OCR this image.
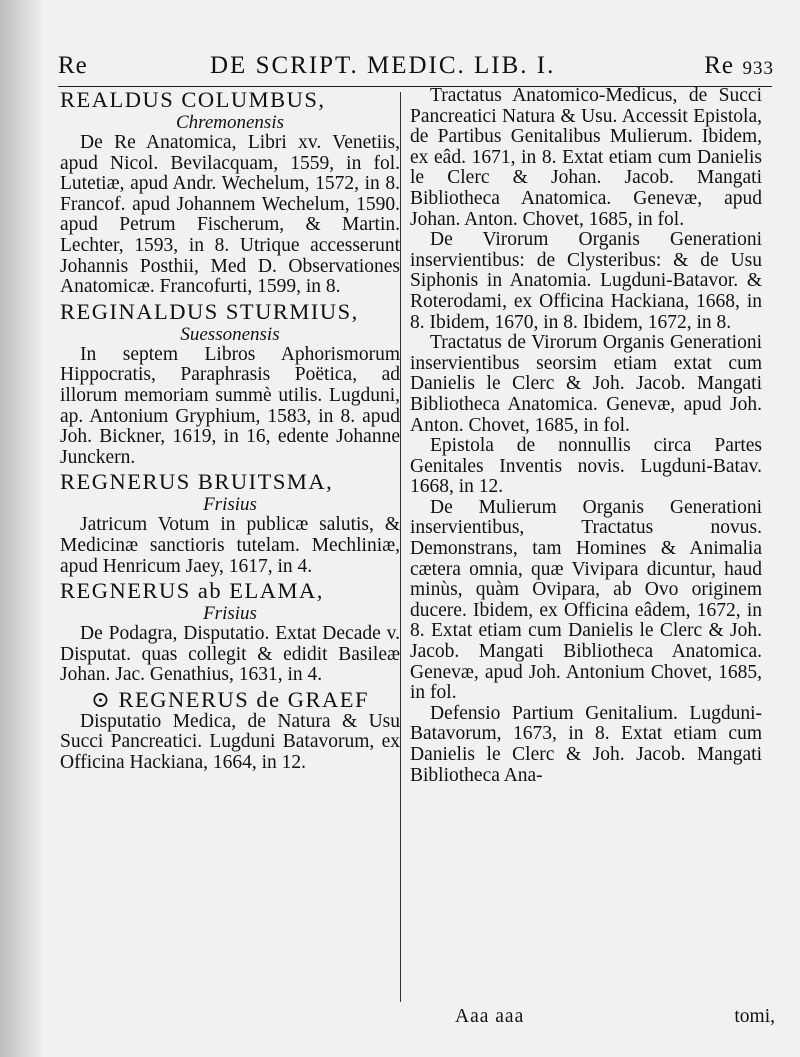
Re	DE SCRIPT. MEDIC. LIB. I.	Re 933
REALDUS COLUMBUS,
Chremonensis
De Re Anatomica, Libri xv. Venetiis, apud Nicol. Bevilacquam, 1559, in fol. Lutetiæ, apud Andr. Wechelum, 1572, in 8. Francof. apud Johannem Wechelum, 1590. apud Petrum Fischerum, & Martin. Lechter, 1593, in 8. Utrique accesserunt Johannis Posthii, Med D. Observationes Anatomicæ. Francofurti, 1599, in 8.
REGINALDUS STURMIUS,
Suessonensis
In septem Libros Aphorismorum Hippocratis, Paraphrasis Poëtica, ad illorum memoriam summè utilis. Lugduni, ap. Antonium Gryphium, 1583, in 8. apud Joh. Bickner, 1619, in 16, edente Johanne Junckern.
REGNERUS BRUITSMA,
Frisius
Jatricum Votum in publicæ salutis, & Medicinæ sanctioris tutelam. Mechliniæ, apud Henricum Jaey, 1617, in 4.
REGNERUS ab ELAMA,
Frisius
De Podagra, Disputatio. Extat Decade v. Disputat. quas collegit & edidit Basileæ Johan. Jac. Genathius, 1631, in 4.
⊙ REGNERUS de GRAEF
Disputatio Medica, de Natura & Usu Succi Pancreatici. Lugduni Batavorum, ex Officina Hackiana, 1664, in 12.
Tractatus Anatomico-Medicus, de Succi Pancreatici Natura & Usu. Accessit Epistola, de Partibus Genitalibus Mulierum. Ibidem, ex eâd. 1671, in 8. Extat etiam cum Danielis le Clerc & Johan. Jacob. Mangati Bibliotheca Anatomica. Genevæ, apud Johan. Anton. Chovet, 1685, in fol.
De Virorum Organis Generationi inservientibus: de Clysteribus: & de Usu Siphonis in Anatomia. Lugduni-Batavor. & Roterodami, ex Officina Hackiana, 1668, in 8. Ibidem, 1670, in 8. Ibidem, 1672, in 8.
Tractatus de Virorum Organis Generationi inservientibus seorsim etiam extat cum Danielis le Clerc & Joh. Jacob. Mangati Bibliotheca Anatomica. Genevæ, apud Joh. Anton. Chovet, 1685, in fol.
Epistola de nonnullis circa Partes Genitales Inventis novis. Lugduni-Batav. 1668, in 12.
De Mulierum Organis Generationi inservientibus, Tractatus novus. Demonstrans, tam Homines & Animalia cætera omnia, quæ Vivipara dicuntur, haud minùs, quàm Ovipara, ab Ovo originem ducere. Ibidem, ex Officina eâdem, 1672, in 8. Extat etiam cum Danielis le Clerc & Joh. Jacob. Mangati Bibliotheca Anatomica. Genevæ, apud Joh. Antonium Chovet, 1685, in fol.
Defensio Partium Genitalium. Lugduni-Batavorum, 1673, in 8. Extat etiam cum Danielis le Clerc & Joh. Jacob. Mangati Bibliotheca Ana-
Aaa aaa	tomi,
